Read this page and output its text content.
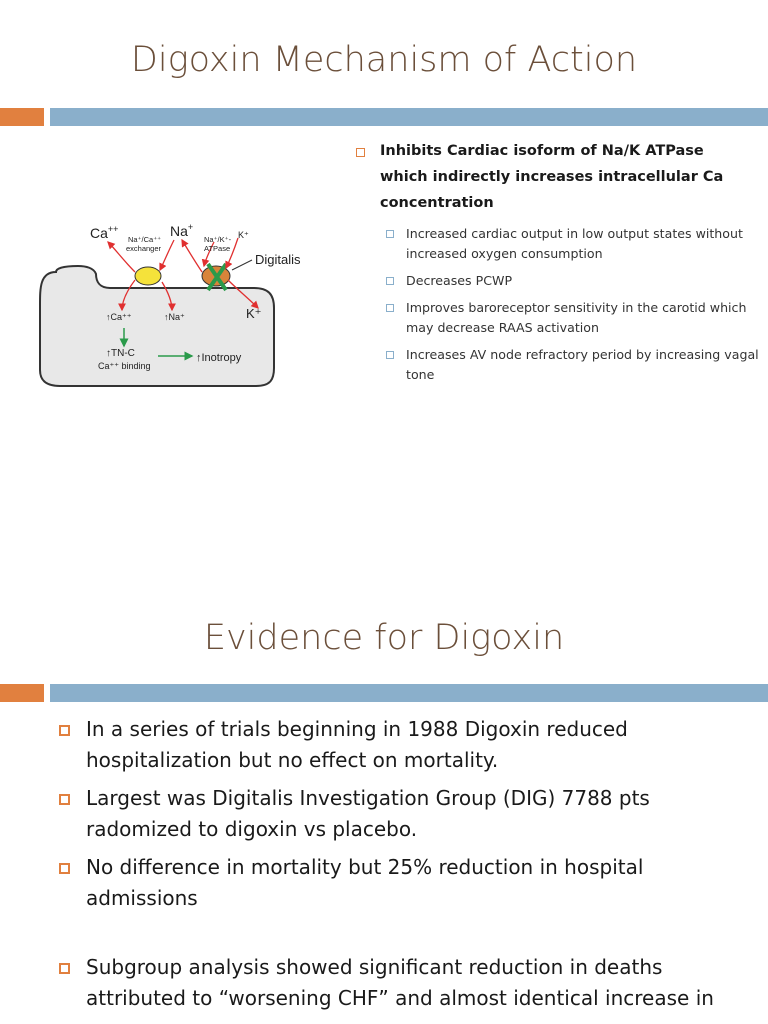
Digoxin Mechanism of Action
Ca++
Na⁺/Ca⁺⁺
exchanger
Na+
Na⁺/K⁺-
ATPase
K⁺
Digitalis
↑Ca⁺⁺	↑Na⁺	K⁺
↑TN-C
Ca⁺⁺ binding
↑Inotropy
Inhibits Cardiac isoform of Na/K ATPase which indirectly increases intracellular Ca concentration
Increased cardiac output in low output states without increased oxygen consumption
Decreases PCWP
Improves baroreceptor sensitivity in the carotid which may decrease RAAS activation
Increases AV node refractory period by increasing vagal tone
Evidence for Digoxin
In a series of trials beginning in 1988 Digoxin reduced hospitalization but no effect on mortality.
Largest was Digitalis Investigation Group (DIG) 7788 pts radomized to digoxin vs placebo.
No difference in mortality but 25% reduction in hospital admissions
Subgroup analysis showed significant reduction in deaths attributed to “worsening CHF” and almost identical increase in
